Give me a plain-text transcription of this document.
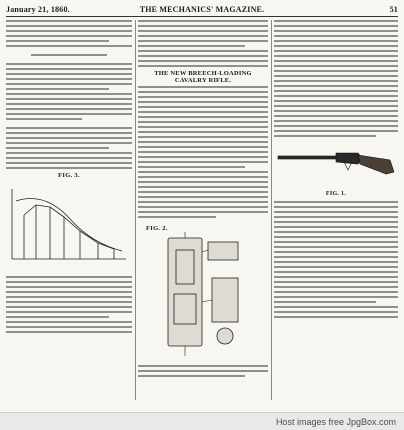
January 21, 1860.	THE MECHANICS' MAGAZINE.	51
FIG. 3.
THE NEW BREECH-LOADING CAVALRY RIFLE.
FIG. 2.
FIG. 1.
Host images free JpgBox.com
